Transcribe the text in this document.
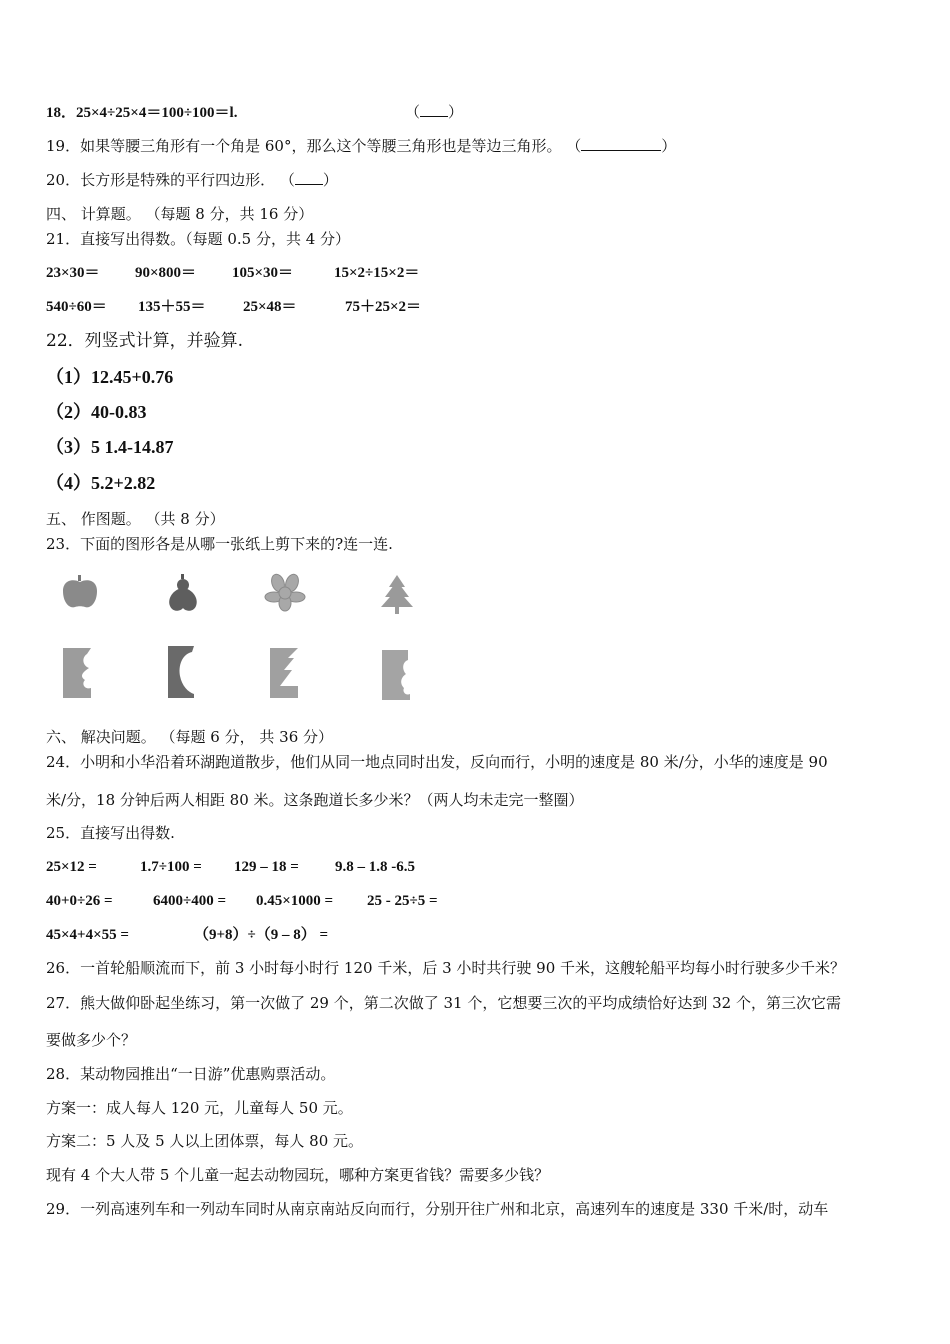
18．25×4÷25×4＝100÷100＝l.	（ ）
19．如果等腰三角形有一个角是 60°，那么这个等腰三角形也是等边三角形。 （	）
20．长方形是特殊的平行四边形． （ ）
四、 计算题。 （每题 8 分，共 16 分）
21．直接写出得数。（每题 0.5 分，共 4 分）
23×30＝ 90×800＝ 105×30＝	15×2÷15×2＝
540÷60＝ 135＋55＝ 25×48＝	75＋25×2＝
22．列竖式计算，并验算.
（1）12.45+0.76
（2）40-0.83
（3）5 1.4-14.87
（4）5.2+2.82
五、 作图题。 （共 8 分）
23．下面的图形各是从哪一张纸上剪下来的?连一连.
六、 解决问题。 （每题 6 分， 共 36 分）
24．小明和小华沿着环湖跑道散步，他们从同一地点同时出发，反向而行，小明的速度是 80 米/分，小华的速度是 90
米/分，18 分钟后两人相距 80 米。这条跑道长多少米？（两人均未走完一整圈）
25．直接写出得数.
25×12 =	1.7÷100 = 129 – 18 = 9.8 – 1.8 -6.5
40+0÷26 =	6400÷400 = 0.45×1000 = 25 - 25÷5 =
45×4+4×55 =	（9+8）÷（9 – 8） =
26．一首轮船顺流而下，前 3 小时每小时行 120 千米，后 3 小时共行驶 90 千米，这艘轮船平均每小时行驶多少千米？
27．熊大做仰卧起坐练习，第一次做了 29 个，第二次做了 31 个，它想要三次的平均成绩恰好达到 32 个，第三次它需
要做多少个？
28．某动物园推出“一日游”优惠购票活动。
方案一：成人每人 120 元，儿童每人 50 元。
方案二：5 人及 5 人以上团体票，每人 80 元。
现有 4 个大人带 5 个儿童一起去动物园玩，哪种方案更省钱？需要多少钱？
29．一列高速列车和一列动车同时从南京南站反向而行，分别开往广州和北京，高速列车的速度是 330 千米/时，动车
